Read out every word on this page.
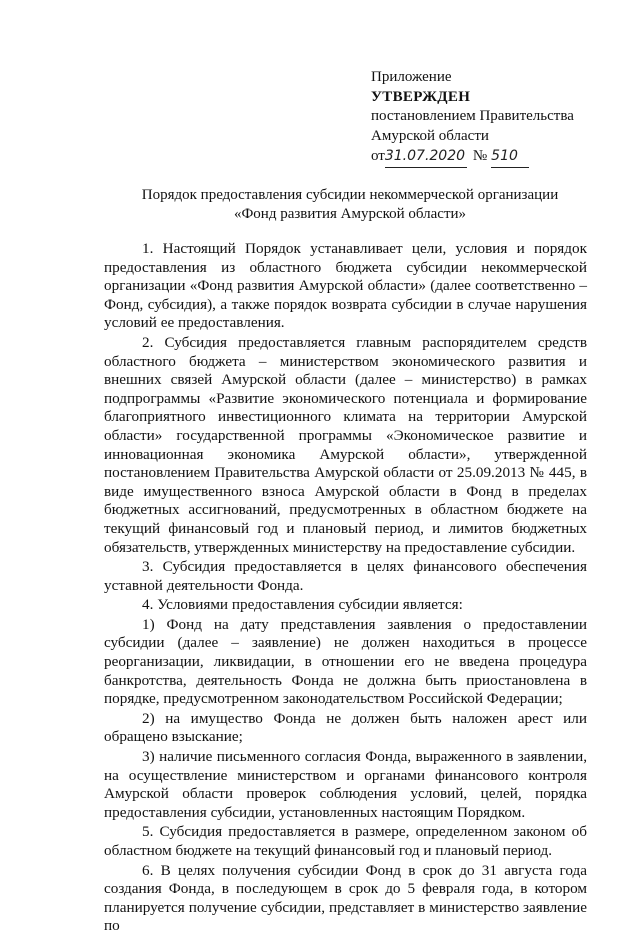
Приложение
УТВЕРЖДЕН
постановлением Правительства
Амурской области
от31.07.2020 № 510
Порядок предоставления субсидии некоммерческой организации
«Фонд развития Амурской области»

1. Настоящий Порядок устанавливает цели, условия и порядок предоставления из областного бюджета субсидии некоммерческой организации «Фонд развития Амурской области» (далее соответственно – Фонд, субсидия), а также порядок возврата субсидии в случае нарушения условий ее предоставления.

2. Субсидия предоставляется главным распорядителем средств областного бюджета – министерством экономического развития и внешних связей Амурской области (далее – министерство) в рамках подпрограммы «Развитие экономического потенциала и формирование благоприятного инвестиционного климата на территории Амурской области» государственной программы «Экономическое развитие и инновационная экономика Амурской области», утвержденной постановлением Правительства Амурской области от 25.09.2013 № 445, в виде имущественного взноса Амурской области в Фонд в пределах бюджетных ассигнований, предусмотренных в областном бюджете на текущий финансовый год и плановый период, и лимитов бюджетных обязательств, утвержденных министерству на предоставление субсидии.

3. Субсидия предоставляется в целях финансового обеспечения уставной деятельности Фонда.

4. Условиями предоставления субсидии является:

1) Фонд на дату представления заявления о предоставлении субсидии (далее – заявление) не должен находиться в процессе реорганизации, ликвидации, в отношении его не введена процедура банкротства, деятельность Фонда не должна быть приостановлена в порядке, предусмотренном законодательством Российской Федерации;

2) на имущество Фонда не должен быть наложен арест или обращено взыскание;

3) наличие письменного согласия Фонда, выраженного в заявлении, на осуществление министерством и органами финансового контроля Амурской области проверок соблюдения условий, целей, порядка предоставления субсидии, установленных настоящим Порядком.

5. Субсидия предоставляется в размере, определенном законом об областном бюджете на текущий финансовый год и плановый период.

6. В целях получения субсидии Фонд в срок до 31 августа года создания Фонда, в последующем в срок до 5 февраля года, в котором планируется получение субсидии, представляет в министерство заявление по
